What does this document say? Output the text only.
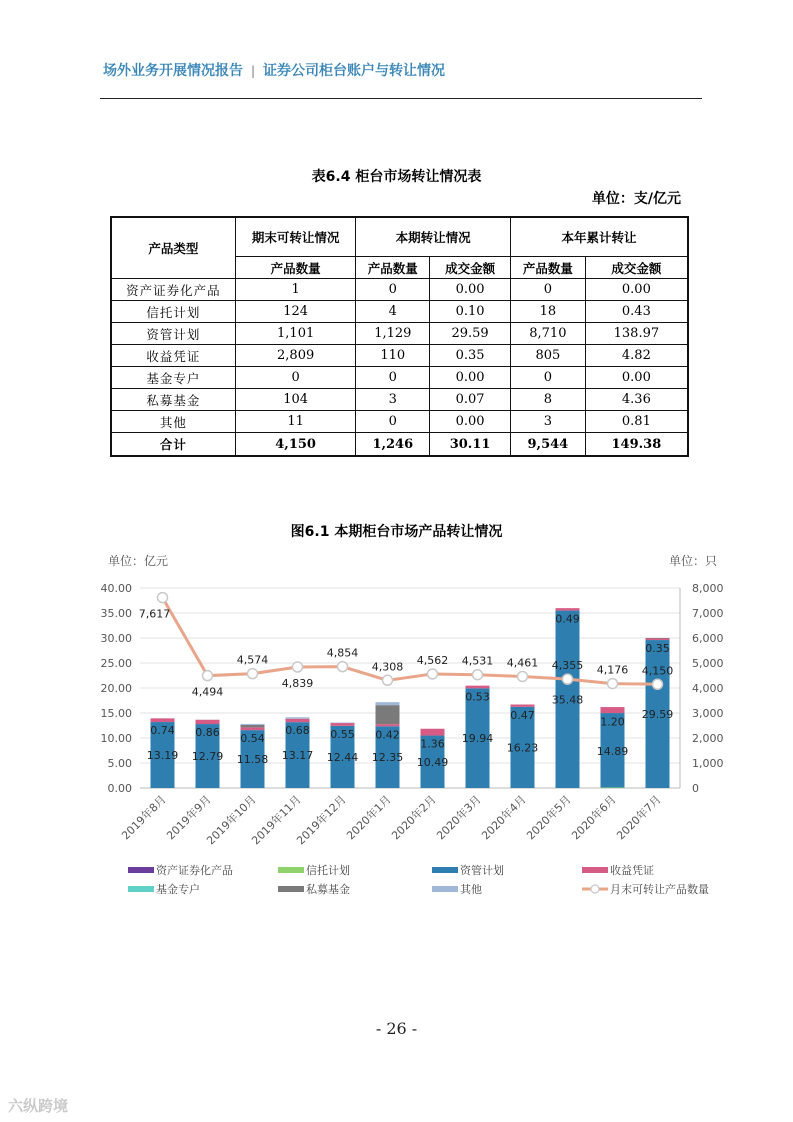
场外业务开展情况报告 | 证券公司柜台账户与转让情况
表6.4 柜台市场转让情况表
单位：支/亿元
产品类型	期末可转让情况	本期转让情况		本年累计转让	
	产品数量	产品数量	成交金额	产品数量	成交金额
资产证券化产品	1	0	0.00	0	0.00
信托计划	124	4	0.10	18	0.43
资管计划	1,101	1,129	29.59	8,710	138.97
收益凭证	2,809	110	0.35	805	4.82
基金专户	0	0	0.00	0	0.00
私募基金	104	3	0.07	8	4.36
其他	11	0	0.00	3	0.81
合计	4,150	1,246	30.11	9,544	149.38
图6.1 本期柜台市场产品转让情况
单位：亿元	单位：只
0.00
5.00
10.00
15.00
20.00
25.00
30.00
35.00
40.00
0
1,000
2,000
3,000
4,000
5,000
6,000
7,000
8,000
2019年8月
2019年9月
2019年10月
2019年11月
2019年12月
2020年1月
2020年2月
2020年3月
2020年4月
2020年5月
2020年6月
2020年7月
13.19
0.74
12.79
0.86
11.58
0.54
13.17
0.68
12.44
0.55
12.35
0.42
10.49
1.36 19.94
0.53
16.23
0.47
35.48
0.49
14.89
1.20
29.59
0.35
7,617
4,494
4,574
4,839
4,854
4,308 4,562 4,531 4,461 4,355 4,176 4,150
资产证券化产品	信托计划	资管计划	收益凭证
基金专户	私募基金	其他	月末可转让产品数量
- 26 -
六纵跨境
